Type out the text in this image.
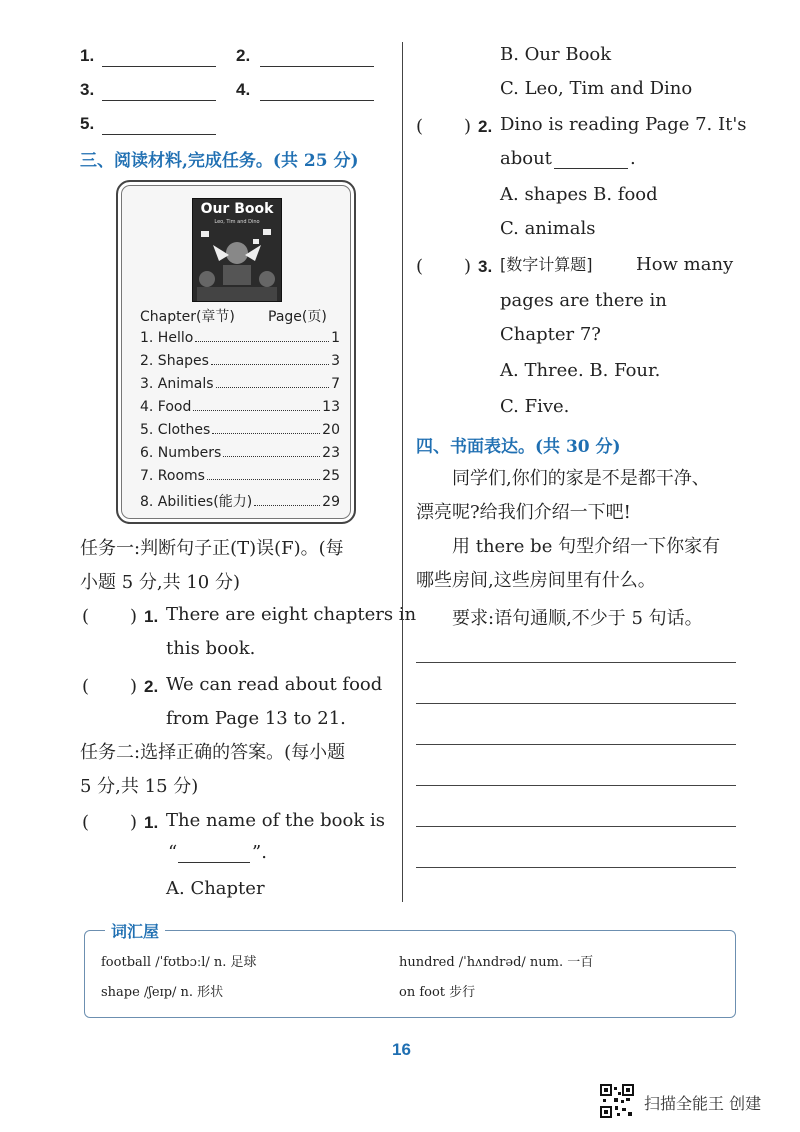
1.	2.
3.	4.
5.
三、阅读材料,完成任务。(共 25 分)
Our Book
Leo, Tim and Dino
Chapter(章节) Page(页)
1. Hello	1
2. Shapes	3
3. Animals	7
4. Food	13
5. Clothes	20
6. Numbers	23
7. Rooms	25
8. Abilities(能力)	29
任务一:判断句子正(T)误(F)。(每
小题 5 分,共 10 分)
( ) 1. There are eight chapters in
this book.
( ) 2. We can read about food
from Page 13 to 21.
任务二:选择正确的答案。(每小题
5 分,共 15 分)
( ) 1. The name of the book is
“	”.
A. Chapter
B. Our Book
C. Leo, Tim and Dino
( ) 2. Dino is reading Page 7. It's
about	.
A. shapes B. food
C. animals
( ) 3. [数字计算题] How many
pages are there in
Chapter 7?
A. Three. B. Four.
C. Five.
四、书面表达。(共 30 分)
同学们,你们的家是不是都干净、
漂亮呢?给我们介绍一下吧!
用 there be 句型介绍一下你家有
哪些房间,这些房间里有什么。
要求:语句通顺,不少于 5 句话。
词汇屋
football /ˈfʊtbɔːl/ n. 足球	hundred /ˈhʌndrəd/ num. 一百
shape /ʃeɪp/ n. 形状	on foot 步行
16
扫描全能王 创建
